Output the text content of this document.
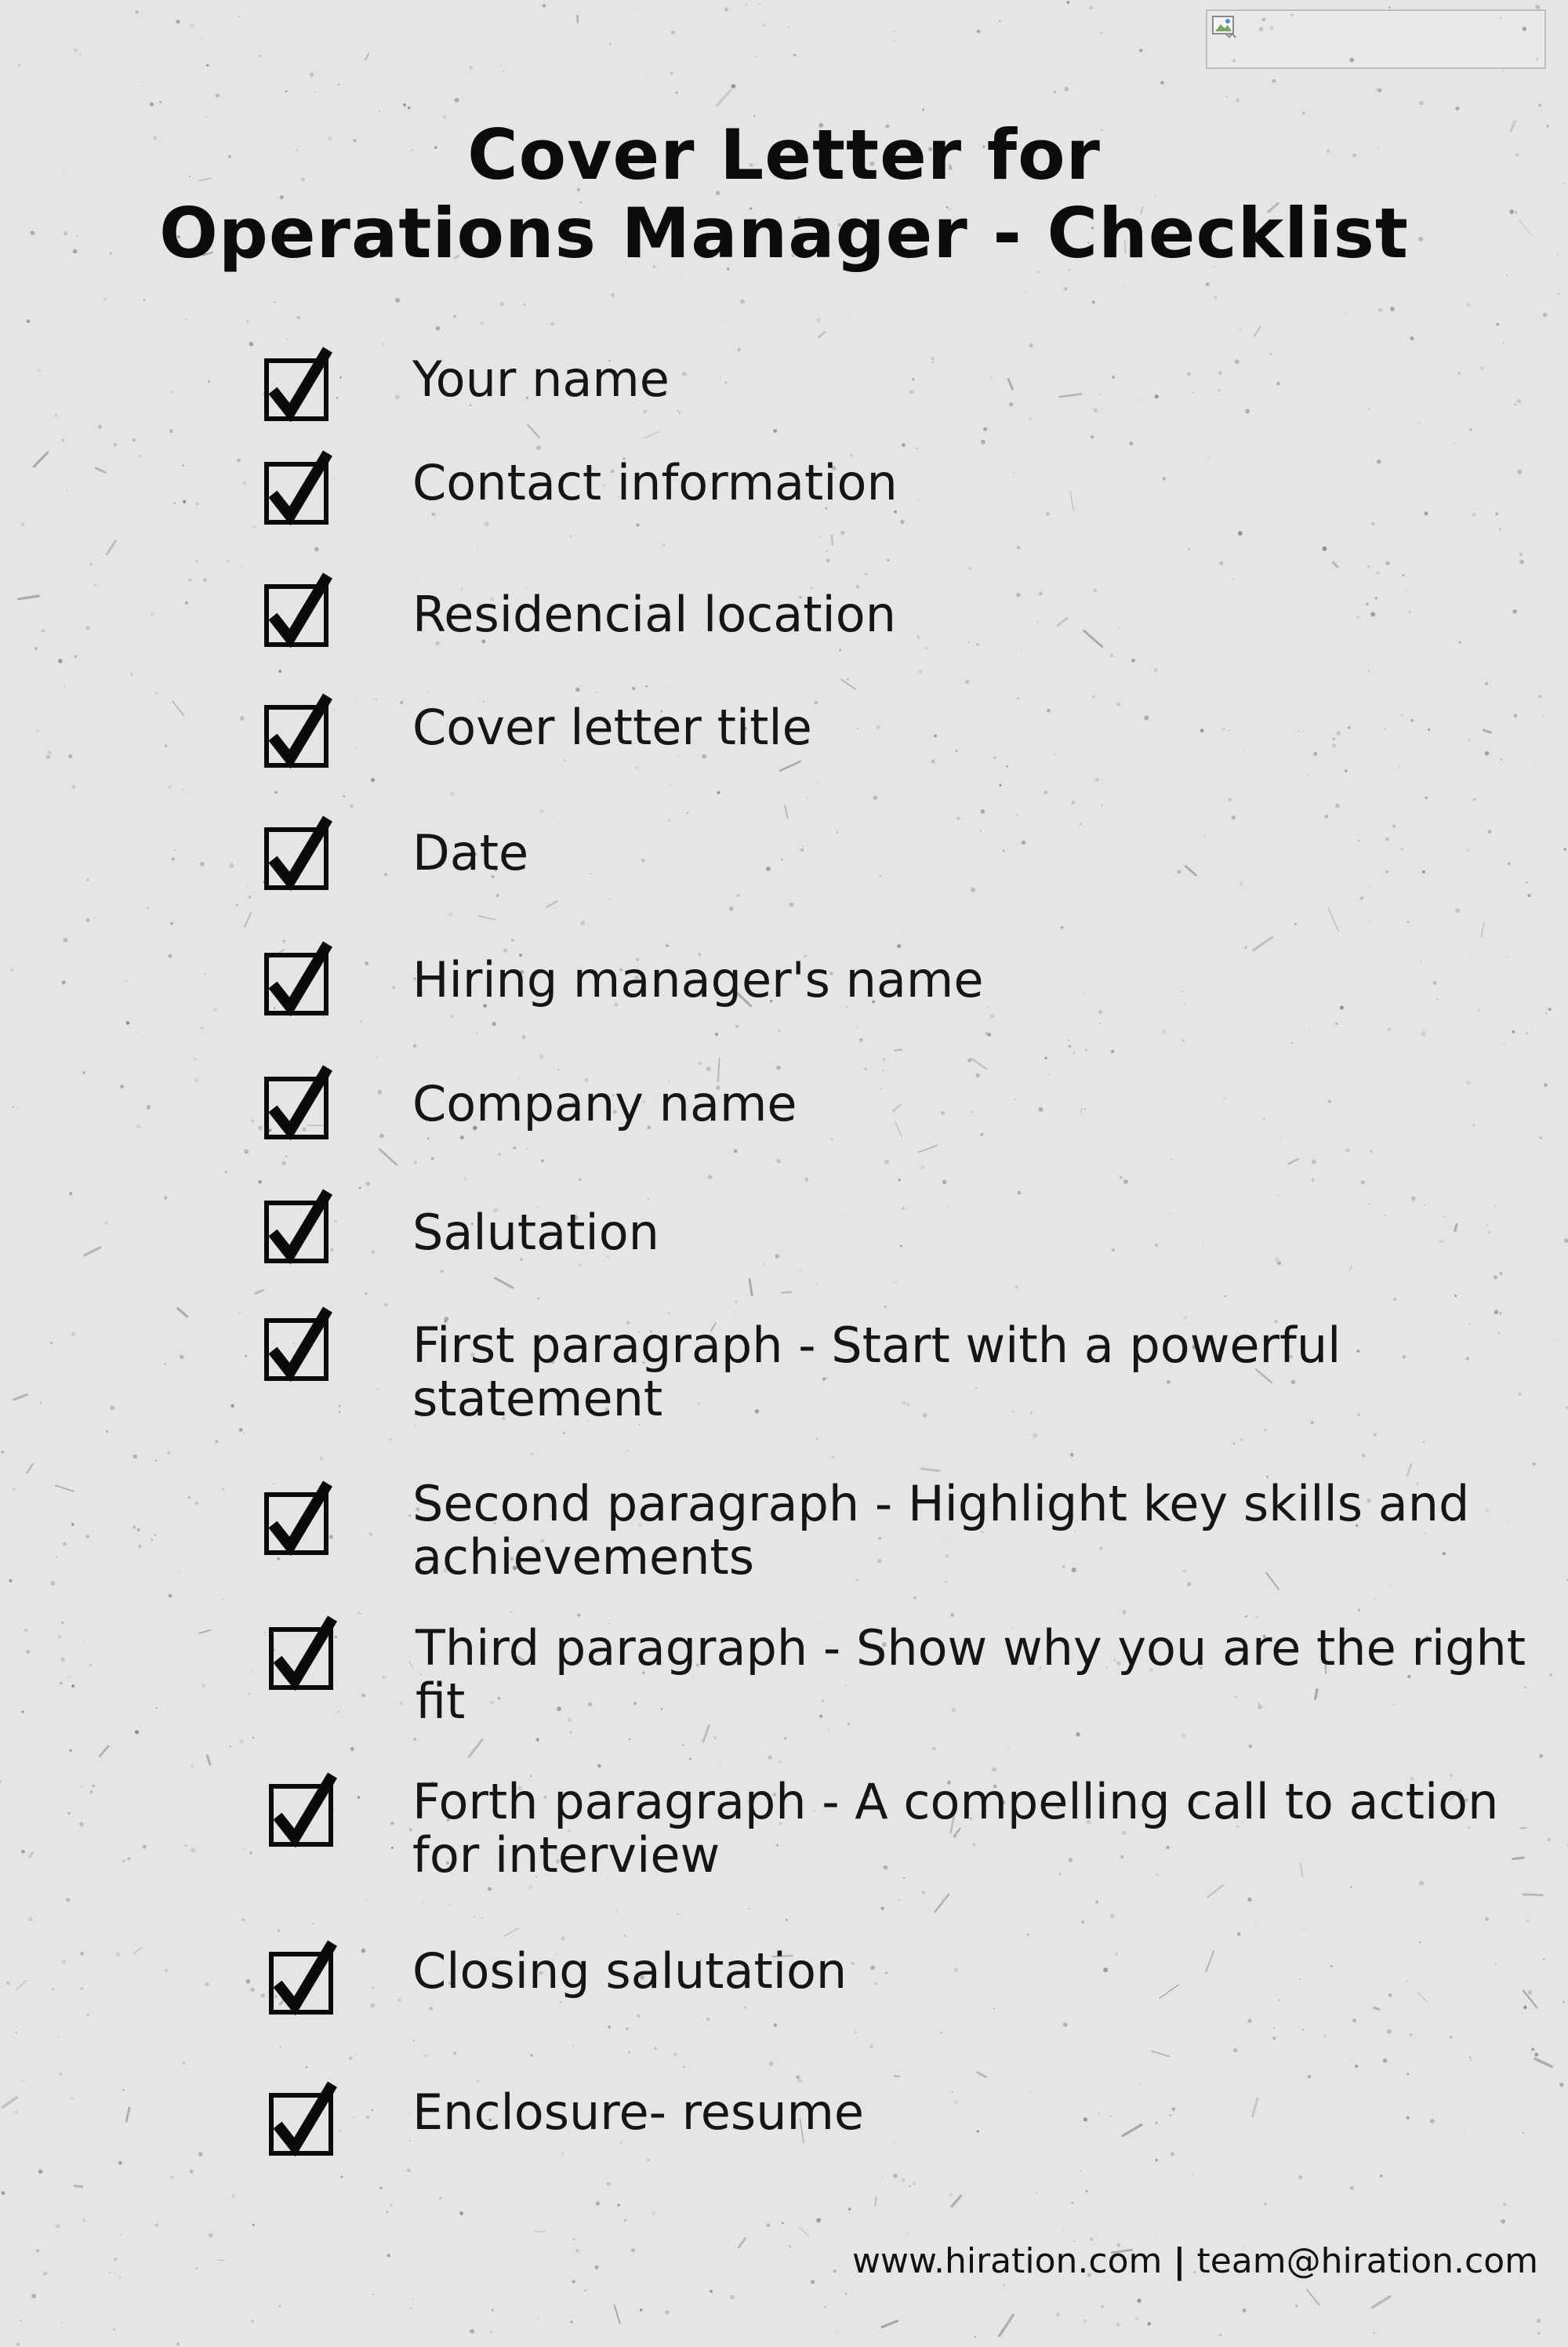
Cover Letter for
Operations Manager - Checklist
Your name
Contact information
Residencial location
Cover letter title
Date
Hiring manager's name
Company name
Salutation
First paragraph - Start with a powerful statement
Second paragraph - Highlight key skills and achievements
Third paragraph - Show why you are the right fit
Forth paragraph - A compelling call to action for interview
Closing salutation
Enclosure- resume
www.hiration.com | team@hiration.com
